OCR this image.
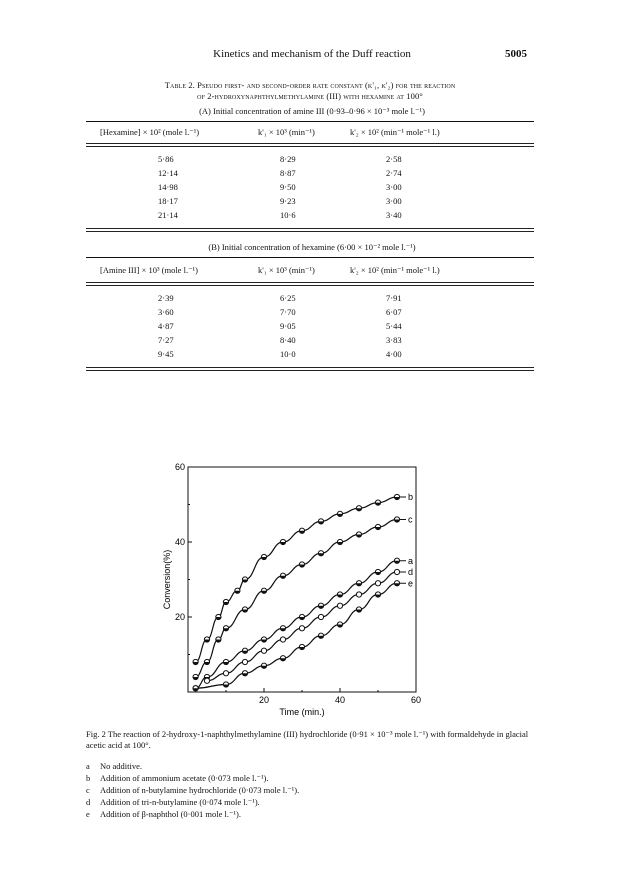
Kinetics and mechanism of the Duff reaction	5005
Table 2. Pseudo first- and second-order rate constant (k'₁, k'₂) for the reaction
of 2-hydroxynaphthylmethylamine (III) with hexamine at 100°
(A) Initial concentration of amine III (0·93–0·96 × 10⁻³ mole l.⁻¹)
[Hexamine] × 10² (mole l.⁻¹)	k'₁ × 10³ (min⁻¹)	k'₂ × 10² (min⁻¹ mole⁻¹ l.)
5·86	8·29	2·58
12·14	8·87	2·74
14·98	9·50	3·00
18·17	9·23	3·00
21·14	10·6	3·40
(B) Initial concentration of hexamine (6·00 × 10⁻² mole l.⁻¹)
[Amine III] × 10³ (mole l.⁻¹)	k'₁ × 10³ (min⁻¹)	k'₂ × 10² (min⁻¹ mole⁻¹ l.)
2·39	6·25	7·91
3·60	7·70	6·07
4·87	9·05	5·44
7·27	8·40	3·83
9·45	10·0	4·00
20	40	60
20
40
60
Time (min.)
Conversion(%)	a
b
c
d
e
Fig. 2 The reaction of 2-hydroxy-1-naphthylmethylamine (III) hydrochloride (0·91 × 10⁻³ mole l.⁻¹) with formaldehyde in glacial acetic acid at 100°.
a No additive.
b Addition of ammonium acetate (0·073 mole l.⁻¹).
c Addition of n-butylamine hydrochloride (0·073 mole l.⁻¹).
d Addition of tri-n-butylamine (0·074 mole l.⁻¹).
e Addition of β-naphthol (0·001 mole l.⁻¹).
